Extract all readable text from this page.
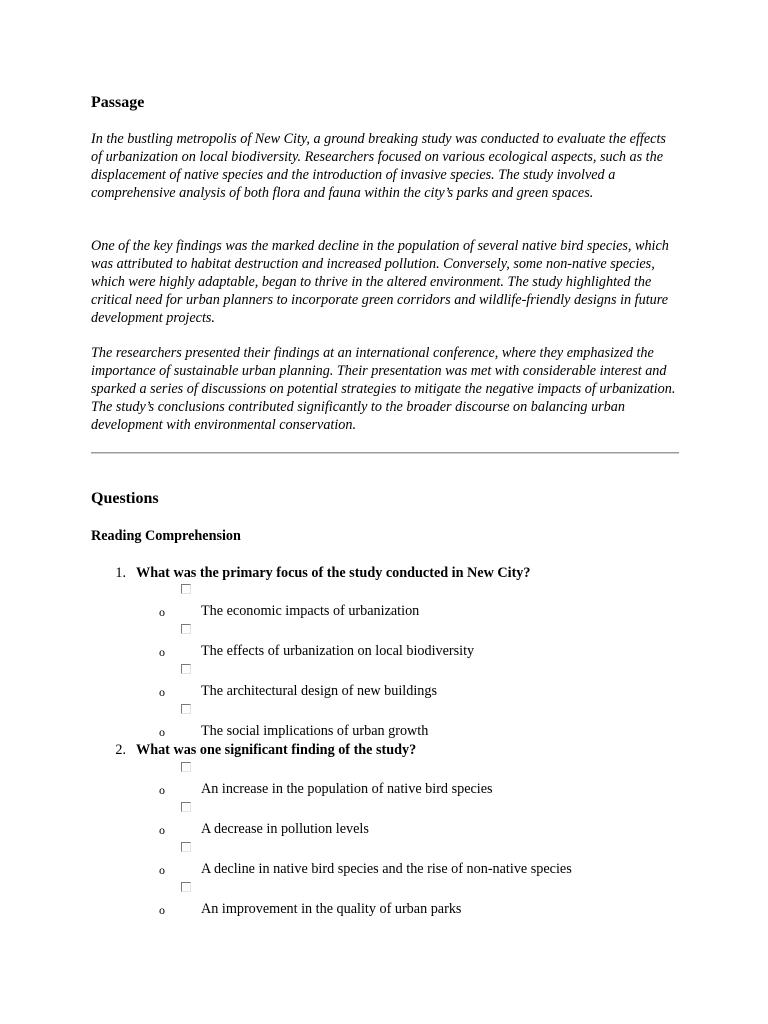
Passage

In the bustling metropolis of New City, a ground breaking study was conducted to evaluate the effects of urbanization on local biodiversity. Researchers focused on various ecological aspects, such as the displacement of native species and the introduction of invasive species. The study involved a comprehensive analysis of both flora and fauna within the city’s parks and green spaces.

One of the key findings was the marked decline in the population of several native bird species, which was attributed to habitat destruction and increased pollution. Conversely, some non-native species, which were highly adaptable, began to thrive in the altered environment. The study highlighted the critical need for urban planners to incorporate green corridors and wildlife-friendly designs in future development projects.

The researchers presented their findings at an international conference, where they emphasized the importance of sustainable urban planning. Their presentation was met with considerable interest and sparked a series of discussions on potential strategies to mitigate the negative impacts of urbanization. The study’s conclusions contributed significantly to the broader discourse on balancing urban development with environmental conservation.

Questions
Reading Comprehension
1. What was the primary focus of the study conducted in New City?
o	The economic impacts of urbanization
o	The effects of urbanization on local biodiversity
o	The architectural design of new buildings
o	The social implications of urban growth
2. What was one significant finding of the study?
o	An increase in the population of native bird species
o	A decrease in pollution levels
o	A decline in native bird species and the rise of non-native species
o	An improvement in the quality of urban parks
